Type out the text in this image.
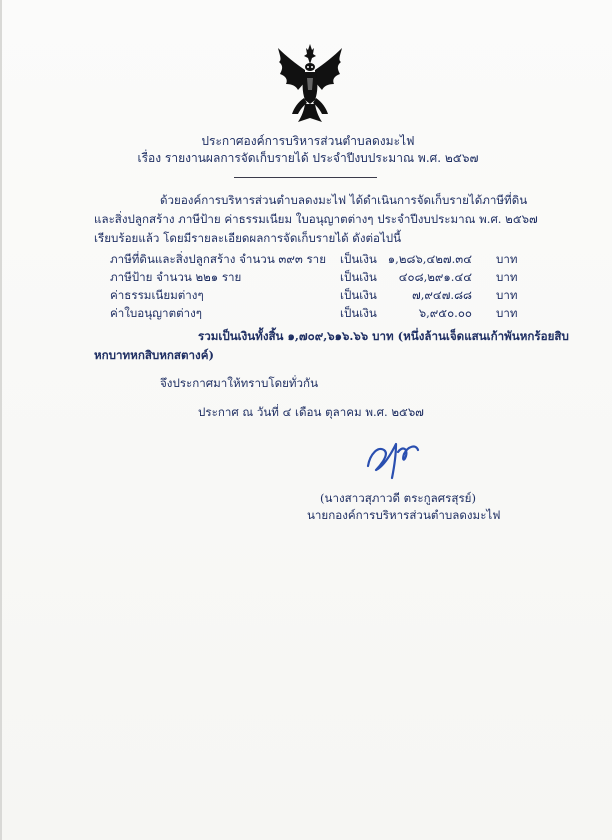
ประกาศองค์การบริหารส่วนตำบลดงมะไฟ
เรื่อง รายงานผลการจัดเก็บรายได้ ประจำปีงบประมาณ พ.ศ. ๒๕๖๗
ด้วยองค์การบริหารส่วนตำบลดงมะไฟ ได้ดำเนินการจัดเก็บรายได้ภาษีที่ดิน
และสิ่งปลูกสร้าง ภาษีป้าย ค่าธรรมเนียม ใบอนุญาตต่างๆ ประจำปีงบประมาณ พ.ศ. ๒๕๖๗
เรียบร้อยแล้ว โดยมีรายละเอียดผลการจัดเก็บรายได้ ดังต่อไปนี้
ภาษีที่ดินและสิ่งปลูกสร้าง จำนวน ๓๙๓ ราย เป็นเงิน ๑,๒๘๖,๔๒๗.๓๔ บาท
ภาษีป้าย จำนวน ๒๒๑ ราย	เป็นเงิน ๔๐๘,๒๙๑.๔๔ บาท
ค่าธรรมเนียมต่างๆ	เป็นเงิน	๗,๙๔๗.๘๘ บาท
ค่าใบอนุญาตต่างๆ	เป็นเงิน	๖,๙๕๐.๐๐ บาท
รวมเป็นเงินทั้งสิ้น ๑,๗๐๙,๖๑๖.๖๖ บาท (หนึ่งล้านเจ็ดแสนเก้าพันหกร้อยสิบ
หกบาทหกสิบหกสตางค์)
จึงประกาศมาให้ทราบโดยทั่วกัน
ประกาศ ณ วันที่ ๔ เดือน ตุลาคม พ.ศ. ๒๕๖๗
(นางสาวสุภาวดี ตระกูลศรสุรย์)
นายกองค์การบริหารส่วนตำบลดงมะไฟ
